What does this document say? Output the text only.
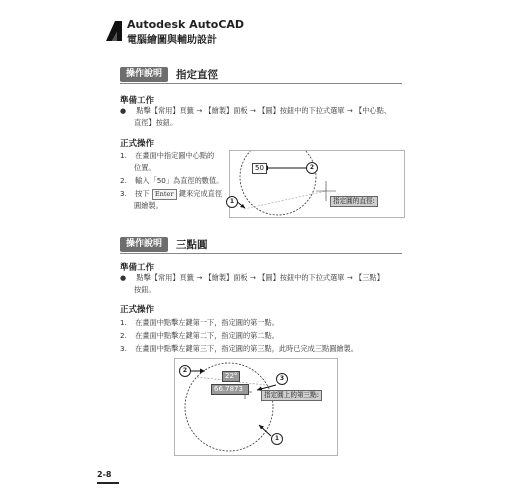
Autodesk AutoCAD
電腦繪圖與輔助設計
操作說明	指定直徑
準備工作
● 點擊【常用】頁籤 → 【繪製】面板 → 【圓】按鈕中的下拉式選單 → 【中心點、
直徑】按鈕。
正式操作
1. 在畫面中指定圓中心點的
位置。
2. 輸入「50」為直徑的數值。
3. 按下 Enter 鍵來完成直徑
圓繪製。
50
指定圓的直徑:
1
2
操作說明	三點圓
準備工作
● 點擊【常用】頁籤 → 【繪製】面板 → 【圓】按鈕中的下拉式選單 → 【三點】
按鈕。
正式操作
1. 在畫面中點擊左鍵第一下，指定圓的第一點。
2. 在畫面中點擊左鍵第二下，指定圓的第二點。
3. 在畫面中點擊左鍵第三下，指定圓的第三點，此時已完成三點圓繪製。
22°
66.7873
指定圓上的第三點:
2
3
1
2-8
